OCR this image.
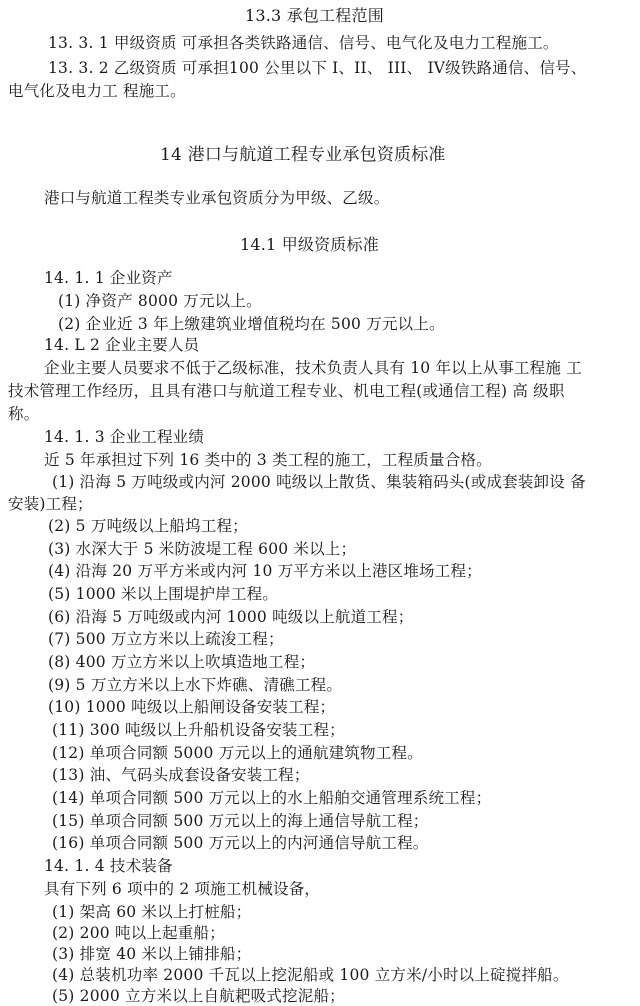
13.3 承包工程范围
13. 3. 1 甲级资质 可承担各类铁路通信、信号、电气化及电力工程施工。
13. 3. 2 乙级资质 可承担100 公里以下 I、II、 III、 IV级铁路通信、信号、
电气化及电力工 程施工。
14 港口与航道工程专业承包资质标准
港口与航道工程类专业承包资质分为甲级、乙级。
14.1 甲级资质标准
14. 1. 1 企业资产
(1) 净资产 8000 万元以上。
(2) 企业近 3 年上缴建筑业增值税均在 500 万元以上。
14. L 2 企业主要人员
企业主要人员要求不低于乙级标准，技术负责人具有 10 年以上从事工程施 工
技术管理工作经历，且具有港口与航道工程专业、机电工程(或通信工程) 高 级职
称。
14. 1. 3 企业工程业绩
近 5 年承担过下列 16 类中的 3 类工程的施工，工程质量合格。
(1) 沿海 5 万吨级或内河 2000 吨级以上散货、集装箱码头(或成套装卸设 备
安装)工程；
(2) 5 万吨级以上船坞工程；
(3) 水深大于 5 米防波堤工程 600 米以上；
(4) 沿海 20 万平方米或内河 10 万平方米以上港区堆场工程；
(5) 1000 米以上围堤护岸工程。
(6) 沿海 5 万吨级或内河 1000 吨级以上航道工程；
(7) 500 万立方米以上疏浚工程；
(8) 400 万立方米以上吹填造地工程；
(9) 5 万立方米以上水下炸礁、清礁工程。
(10) 1000 吨级以上船闸设备安装工程；
(11) 300 吨级以上升船机设备安装工程；
(12) 单项合同额 5000 万元以上的通航建筑物工程。
(13) 油、气码头成套设备安装工程；
(14) 单项合同额 500 万元以上的水上船舶交通管理系统工程；
(15) 单项合同额 500 万元以上的海上通信导航工程；
(16) 单项合同额 500 万元以上的内河通信导航工程。
14. 1. 4 技术装备
具有下列 6 项中的 2 项施工机械设备，
(1) 架高 60 米以上打桩船；
(2) 200 吨以上起重船；
(3) 排宽 40 米以上铺排船；
(4) 总装机功率 2000 千瓦以上挖泥船或 100 立方米/小时以上碇搅拌船。
(5) 2000 立方米以上自航耙吸式挖泥船；
